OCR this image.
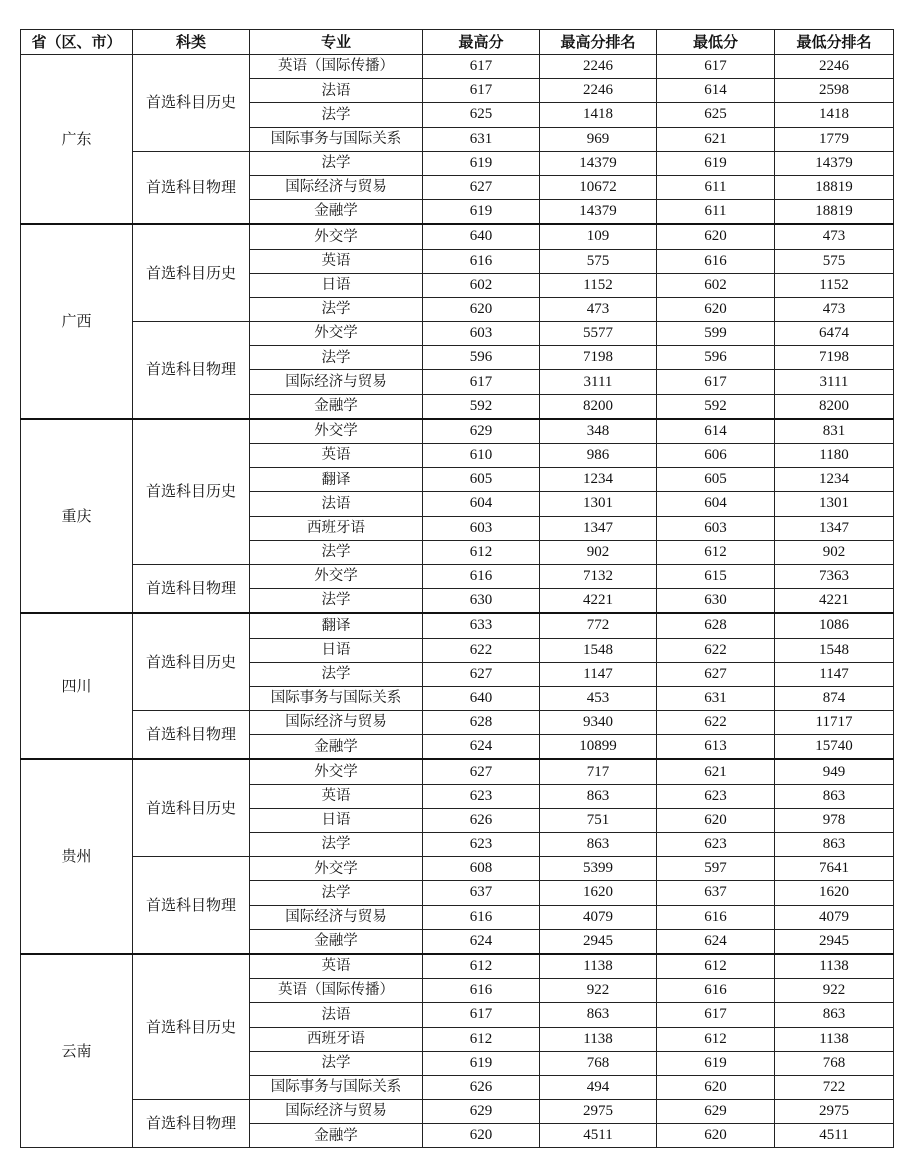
省（区、市）	科类	专业	最高分	最高分排名	最低分	最低分排名
广东	首选科目历史	英语（国际传播）	617	2246	617	2246
		法语	617	2246	614	2598
		法学	625	1418	625	1418
		国际事务与国际关系	631	969	621	1779
	首选科目物理	法学	619	14379	619	14379
		国际经济与贸易	627	10672	611	18819
		金融学	619	14379	611	18819
广西	首选科目历史	外交学	640	109	620	473
		英语	616	575	616	575
		日语	602	1152	602	1152
		法学	620	473	620	473
	首选科目物理	外交学	603	5577	599	6474
		法学	596	7198	596	7198
		国际经济与贸易	617	3111	617	3111
		金融学	592	8200	592	8200
重庆	首选科目历史	外交学	629	348	614	831
		英语	610	986	606	1180
		翻译	605	1234	605	1234
		法语	604	1301	604	1301
		西班牙语	603	1347	603	1347
		法学	612	902	612	902
	首选科目物理	外交学	616	7132	615	7363
		法学	630	4221	630	4221
四川	首选科目历史	翻译	633	772	628	1086
		日语	622	1548	622	1548
		法学	627	1147	627	1147
		国际事务与国际关系	640	453	631	874
	首选科目物理	国际经济与贸易	628	9340	622	11717
		金融学	624	10899	613	15740
贵州	首选科目历史	外交学	627	717	621	949
		英语	623	863	623	863
		日语	626	751	620	978
		法学	623	863	623	863
	首选科目物理	外交学	608	5399	597	7641
		法学	637	1620	637	1620
		国际经济与贸易	616	4079	616	4079
		金融学	624	2945	624	2945
云南	首选科目历史	英语	612	1138	612	1138
		英语（国际传播）	616	922	616	922
		法语	617	863	617	863
		西班牙语	612	1138	612	1138
		法学	619	768	619	768
		国际事务与国际关系	626	494	620	722
	首选科目物理	国际经济与贸易	629	2975	629	2975
		金融学	620	4511	620	4511
